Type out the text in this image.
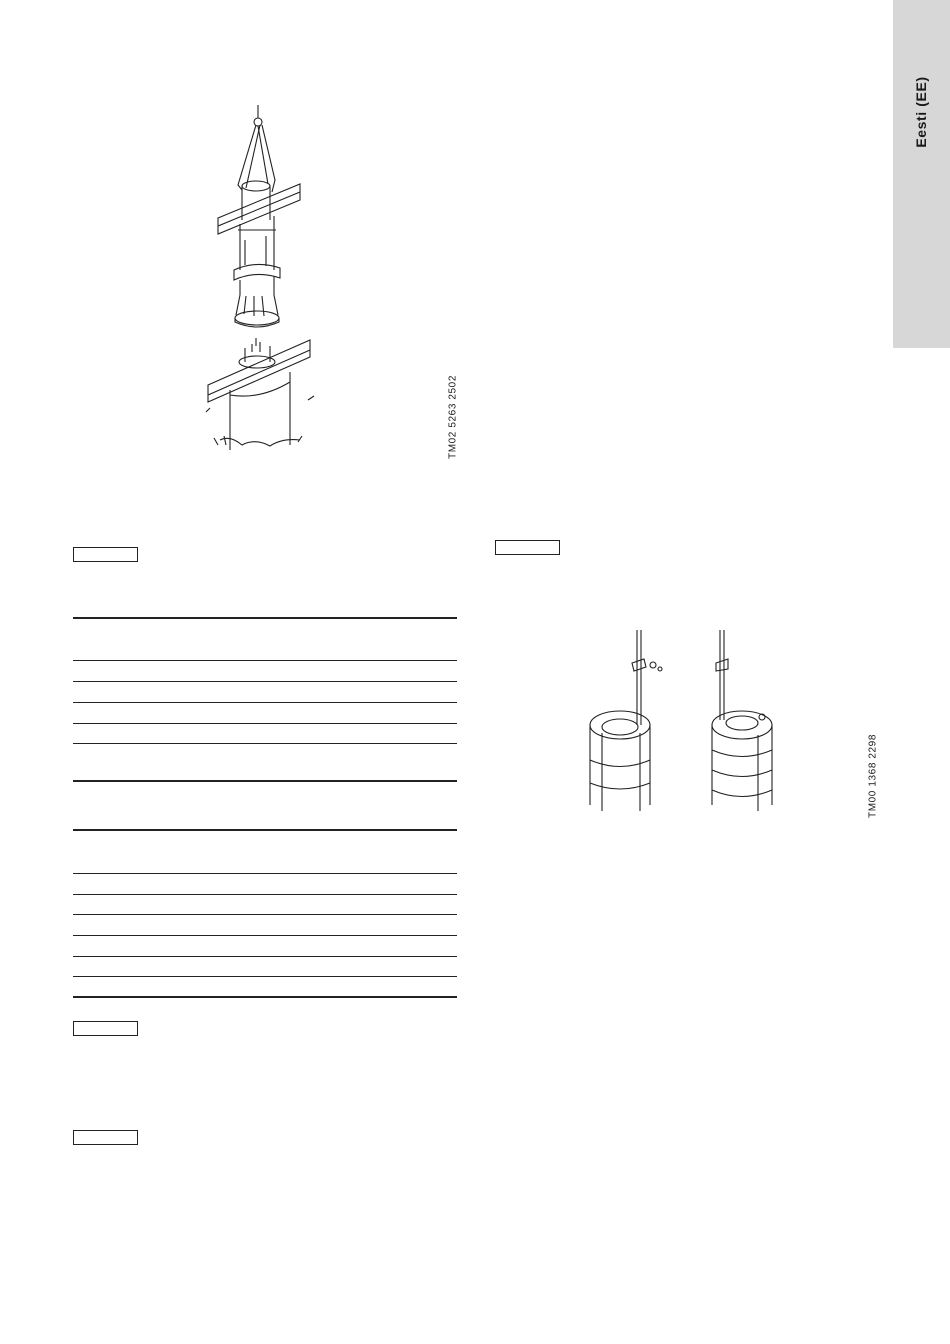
Eesti (EE)
TM02 5263 2502
TM00 1368 2298
